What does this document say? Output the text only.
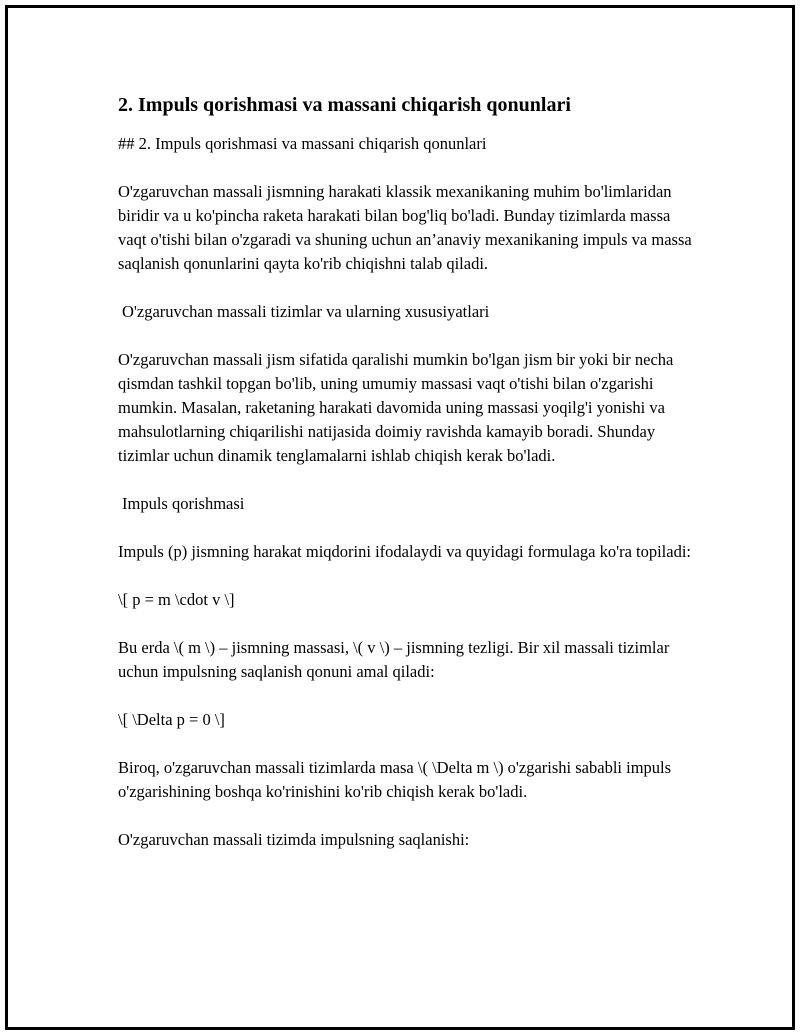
2. Impuls qorishmasi va massani chiqarish qonunlari

## 2. Impuls qorishmasi va massani chiqarish qonunlari

O'zgaruvchan massali jismning harakati klassik mexanikaning muhim bo'limlaridan biridir va u ko'pincha raketa harakati bilan bog'liq bo'ladi. Bunday tizimlarda massa vaqt o'tishi bilan o'zgaradi va shuning uchun an’anaviy mexanikaning impuls va massa saqlanish qonunlarini qayta ko'rib chiqishni talab qiladi.

O'zgaruvchan massali tizimlar va ularning xususiyatlari

O'zgaruvchan massali jism sifatida qaralishi mumkin bo'lgan jism bir yoki bir necha qismdan tashkil topgan bo'lib, uning umumiy massasi vaqt o'tishi bilan o'zgarishi mumkin. Masalan, raketaning harakati davomida uning massasi yoqilg'i yonishi va mahsulotlarning chiqarilishi natijasida doimiy ravishda kamayib boradi. Shunday tizimlar uchun dinamik tenglamalarni ishlab chiqish kerak bo'ladi.

Impuls qorishmasi

Impuls (p) jismning harakat miqdorini ifodalaydi va quyidagi formulaga ko'ra topiladi:

\[ p = m \cdot v \]

Bu erda \( m \) – jismning massasi, \( v \) – jismning tezligi. Bir xil massali tizimlar uchun impulsning saqlanish qonuni amal qiladi:

\[ \Delta p = 0 \]

Biroq, o'zgaruvchan massali tizimlarda masa \( \Delta m \) o'zgarishi sababli impuls o'zgarishining boshqa ko'rinishini ko'rib chiqish kerak bo'ladi.

O'zgaruvchan massali tizimda impulsning saqlanishi:
